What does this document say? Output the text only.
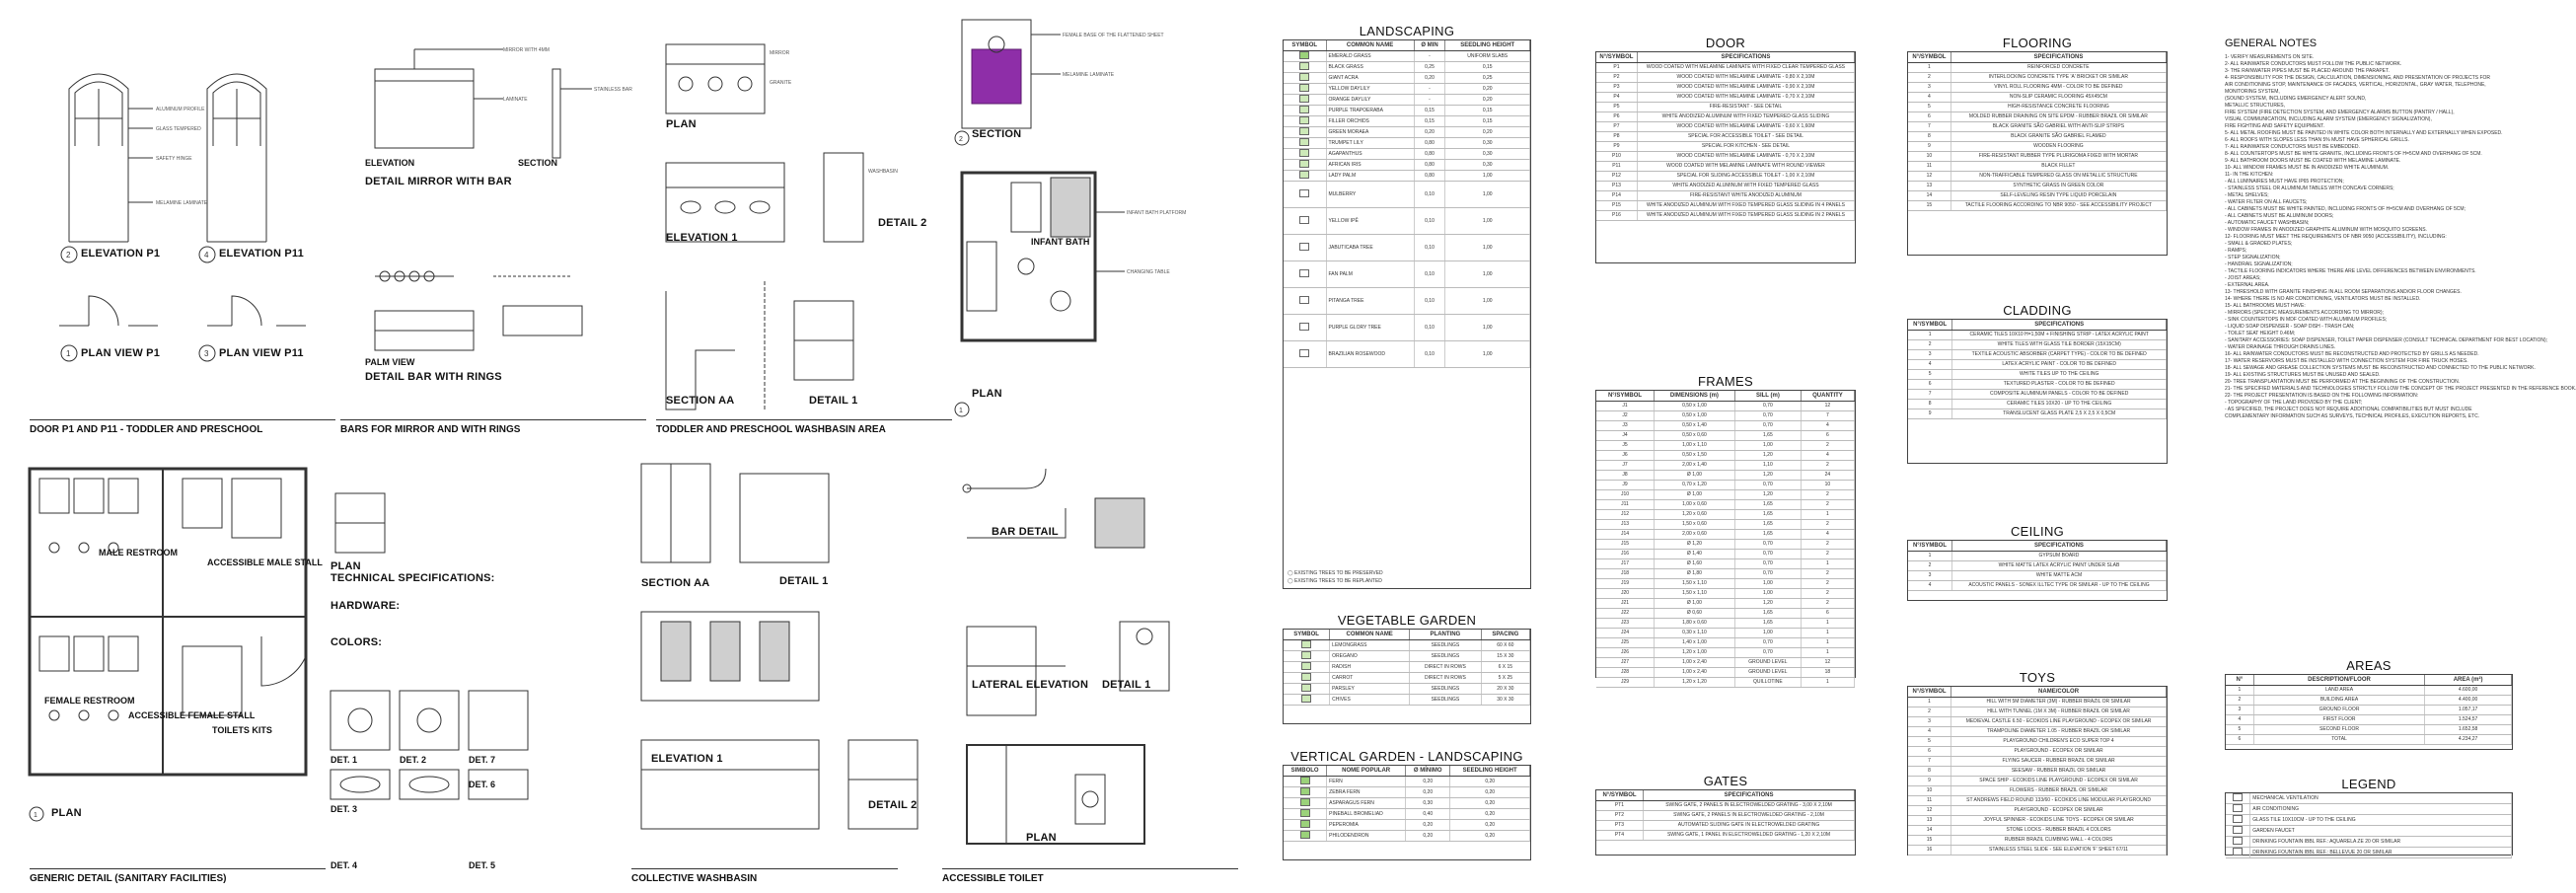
ALUMINUM PROFILE
GLASS TEMPERED
SAFETY HINGE
MELAMINE LAMINATE
2	4
1	3
ELEVATION P1	ELEVATION P11
PLAN VIEW P1	PLAN VIEW P11
DOOR P1 AND P11 - TODDLER AND PRESCHOOL
MIRROR WITH 4MM
LAMINATE
STAINLESS BAR
ELEVATION	SECTION
DETAIL MIRROR WITH BAR
PALM VIEW
DETAIL BAR WITH RINGS
BARS FOR MIRROR AND WITH RINGS
MIRROR
GRANITE
WASHBASIN
PLAN
ELEVATION 1
DETAIL 2
SECTION AA	DETAIL 1
TODDLER AND PRESCHOOL WASHBASIN AREA
2
1
FEMALE BASE OF THE FLATTENED SHEET
MELAMINE LAMINATE
INFANT BATH PLATFORM
CHANGING TABLE
SECTION
INFANT BATH
PLAN
1
MALE RESTROOM
ACCESSIBLE MALE STALL
FEMALE RESTROOM
ACCESSIBLE FEMALE STALL
TOILETS KITS
PLAN
PLAN
TECHNICAL SPECIFICATIONS:
HARDWARE:
COLORS:
DET. 1	DET. 2	DET. 7
DET. 3
DET. 6
DET. 4	DET. 5
GENERIC DETAIL (SANITARY FACILITIES)
SECTION AA	DETAIL 1
ELEVATION 1
DETAIL 2
COLLECTIVE WASHBASIN
BAR DETAIL
LATERAL ELEVATION DETAIL 1
PLAN
ACCESSIBLE TOILET
LANDSCAPING
SYMBOL	COMMON NAME	Ø MIN	SEEDLING HEIGHT
	EMERALD GRASS	-	UNIFORM SLABS
	BLACK GRASS	0,25	0,15
	GIANT ACRA	0,20	0,25
	YELLOW DAYLILY	-	0,20
	ORANGE DAYLILY	-	0,20
	PURPLE TRAPOERABA	0,15	0,15
	FILLER ORCHIDS	0,15	0,15
	GREEN MORAEA	0,20	0,20
	TRUMPET LILY	0,80	0,30
	AGAPANTHUS	0,80	0,30
	AFRICAN IRIS	0,80	0,30
	LADY PALM	0,80	1,00
	MULBERRY	0,10	1,00
	YELLOW IPÊ	0,10	1,00
	JABUTICABA TREE	0,10	1,00
	FAN PALM	0,10	1,00
	PITANGA TREE	0,10	1,00
	PURPLE GLORY TREE	0,10	1,00
	BRAZILIAN ROSEWOOD	0,10	1,00
◯ EXISTING TREES TO BE PRESERVED
◯ EXISTING TREES TO BE REPLANTED
VEGETABLE GARDEN
SYMBOL	COMMON NAME	PLANTING	SPACING
	LEMONGRASS	SEEDLINGS	60 X 60
	OREGANO	SEEDLINGS	15 X 30
	RADISH	DIRECT IN ROWS	6 X 15
	CARROT	DIRECT IN ROWS	5 X 25
	PARSLEY	SEEDLINGS	20 X 30
	CHIVES	SEEDLINGS	30 X 30
VERTICAL GARDEN - LANDSCAPING
SIMBOLO	NOME POPULAR	Ø MÍNIMO	SEEDLING HEIGHT
	FERN	0,20	0,20
	ZEBRA FERN	0,20	0,20
	ASPARAGUS FERN	0,30	0,20
	PINEBALL BROMELIAD	0,40	0,20
	PEPEROMIA	0,20	0,20
	PHILODENDRON	0,20	0,20
DOOR
N°/SYMBOL	SPECIFICATIONS
P1	WOOD COATED WITH MELAMINE LAMINATE WITH FIXED CLEAR TEMPERED GLASS
P2	WOOD COATED WITH MELAMINE LAMINATE - 0,80 X 2,10M
P3	WOOD COATED WITH MELAMINE LAMINATE - 0,90 X 2,10M
P4	WOOD COATED WITH MELAMINE LAMINATE - 0,70 X 2,10M
P5	FIRE-RESISTANT - SEE DETAIL
P6	WHITE ANODIZED ALUMINUM WITH FIXED TEMPERED GLASS SLIDING
P7	WOOD COATED WITH MELAMINE LAMINATE - 0,60 X 1,60M
P8	SPECIAL FOR ACCESSIBLE TOILET - SEE DETAIL
P9	SPECIAL FOR KITCHEN - SEE DETAIL
P10	WOOD COATED WITH MELAMINE LAMINATE - 0,70 X 2,10M
P11	WOOD COATED WITH MELAMINE LAMINATE WITH ROUND VIEWER
P12	SPECIAL FOR SLIDING ACCESSIBLE TOILET - 1,00 X 2,10M
P13	WHITE ANODIZED ALUMINUM WITH FIXED TEMPERED GLASS
P14	FIRE-RESISTANT WHITE ANODIZED ALUMINUM
P15	WHITE ANODIZED ALUMINUM WITH FIXED TEMPERED GLASS SLIDING IN 4 PANELS
P16	WHITE ANODIZED ALUMINUM WITH FIXED TEMPERED GLASS SLIDING IN 2 PANELS
FRAMES
N°/SYMBOL	DIMENSIONS (m)	SILL (m)	QUANTITY
J1	0,50 x 1,00	0,70	12
J2	0,50 x 1,00	0,70	7
J3	0,50 x 1,40	0,70	4
J4	0,50 x 0,60	1,65	6
J5	1,00 x 1,10	1,00	2
J6	0,50 x 1,50	1,20	4
J7	2,00 x 1,40	1,10	2
J8	Ø 1,00	1,20	24
J9	0,70 x 1,20	0,70	10
J10	Ø 1,00	1,20	2
J11	1,00 x 0,60	1,65	2
J12	1,20 x 0,60	1,65	1
J13	1,50 x 0,60	1,65	2
J14	2,00 x 0,60	1,65	4
J15	Ø 1,20	0,70	2
J16	Ø 1,40	0,70	2
J17	Ø 1,60	0,70	1
J18	Ø 1,80	0,70	2
J19	1,50 x 1,10	1,00	2
J20	1,50 x 1,10	1,00	2
J21	Ø 1,00	1,20	2
J22	Ø 0,60	1,65	6
J23	1,80 x 0,60	1,65	1
J24	0,30 x 1,10	1,00	1
J25	1,40 x 1,00	0,70	1
J26	1,20 x 1,00	0,70	1
J27	1,00 x 2,40	GROUND LEVEL	12
J28	1,00 x 2,40	GROUND LEVEL	18
J29	1,20 x 1,20	QUILLOTINE	1
GATES
N°/SYMBOL	SPECIFICATIONS
PT1	SWING GATE, 2 PANELS IN ELECTROWELDED GRATING - 3,00 X 2,10M
PT2	SWING GATE, 2 PANELS IN ELECTROWELDED GRATING - 2,10M
PT3	AUTOMATED SLIDING GATE IN ELECTROWELDED GRATING
PT4	SWING GATE, 1 PANEL IN ELECTROWELDED GRATING - 1,20 X 2,10M
FLOORING
N°/SYMBOL	SPECIFICATIONS
1	REINFORCED CONCRETE
2	INTERLOCKING CONCRETE TYPE 'A' BRICKET OR SIMILAR
3	VINYL ROLL FLOORING 4MM - COLOR TO BE DEFINED
4	NON-SLIP CERAMIC FLOORING 45X45CM
5	HIGH-RESISTANCE CONCRETE FLOORING
6	MOLDED RUBBER DRAINING ON SITE EPDM - RUBBER BRAZIL OR SIMILAR
7	BLACK GRANITE SÃO GABRIEL WITH ANTI-SLIP STRIPS
8	BLACK GRANITE SÃO GABRIEL FLAMED
9	WOODEN FLOORING
10	FIRE-RESISTANT RUBBER TYPE PLURIGOMA FIXED WITH MORTAR
11	BLACK FILLET
12	NON-TRAFFICABLE TEMPERED GLASS ON METALLIC STRUCTURE
13	SYNTHETIC GRASS IN GREEN COLOR
14	SELF-LEVELING RESIN TYPE LIQUID PORCELAIN
15	TACTILE FLOORING ACCORDING TO NBR 9050 - SEE ACCESSIBILITY PROJECT
CLADDING
N°/SYMBOL	SPECIFICATIONS
1	CERAMIC TILES 10X10 H=1,50M + FINISHING STRIP - LATEX ACRYLIC PAINT
2	WHITE TILES WITH GLASS TILE BORDER (15X15CM)
3	TEXTILE ACOUSTIC ABSORBER (CARPET TYPE) - COLOR TO BE DEFINED
4	LATEX ACRYLIC PAINT - COLOR TO BE DEFINED
5	WHITE TILES UP TO THE CEILING
6	TEXTURED PLASTER - COLOR TO BE DEFINED
7	COMPOSITE ALUMINUM PANELS - COLOR TO BE DEFINED
8	CERAMIC TILES 10X20 - UP TO THE CEILING
9	TRANSLUCENT GLASS PLATE 2,5 X 2,5 X 0,5CM
CEILING
N°/SYMBOL	SPECIFICATIONS
1	GYPSUM BOARD
2	WHITE MATTE LATEX ACRYLIC PAINT UNDER SLAB
3	WHITE MATTE ACM
4	ACOUSTIC PANELS - SONEX ILLTEC TYPE OR SIMILAR - UP TO THE CEILING
TOYS
N°/SYMBOL	NAME/COLOR
1	HILL WITH 5M DIAMETER (3M) - RUBBER BRAZIL OR SIMILAR
2	HILL WITH TUNNEL (1M X 3M) - RUBBER BRAZIL OR SIMILAR
3	MEDIEVAL CASTLE 6.50 - ECOKIDS LINE PLAYGROUND - ECOPEX OR SIMILAR
4	TRAMPOLINE DIAMETER 1.05 - RUBBER BRAZIL OR SIMILAR
5	PLAYGROUND CHILDREN'S ECO SUPER TOP 4
6	PLAYGROUND - ECOPEX OR SIMILAR
7	FLYING SAUCER - RUBBER BRAZIL OR SIMILAR
8	SEESAW - RUBBER BRAZIL OR SIMILAR
9	SPACE SHIP - ECOKIDS LINE PLAYGROUND - ECOPEX OR SIMILAR
10	FLOWERS - RUBBER BRAZIL OR SIMILAR
11	ST ANDREWS FIELD ROUND 133/60 - ECOKIDS LINE MODULAR PLAYGROUND
12	PLAYGROUND - ECOPEX OR SIMILAR
13	JOYFUL SPINNER - ECOKIDS LINE TOYS - ECOPEX OR SIMILAR
14	STONE LOCKS - RUBBER BRAZIL 4 COLORS
15	RUBBER BRAZIL CLIMBING WALL - 4 COLORS
16	STAINLESS STEEL SLIDE - SEE ELEVATION 'F' SHEET 67/11
GENERAL NOTES
1- VERIFY MEASUREMENTS ON SITE.
2- ALL RAINWATER CONDUCTORS MUST FOLLOW THE PUBLIC NETWORK.
3- THE RAINWATER PIPES MUST BE PLACED AROUND THE PARAPET.
4- RESPONSIBILITY FOR THE DESIGN, CALCULATION, DIMENSIONING, AND PRESENTATION OF PROJECTS FOR
AIR CONDITIONING STOP, MAINTENANCE OF FACADES, VERTICAL, HORIZONTAL, GRAY WATER, TELEPHONE,
MONITORING SYSTEM,
(SOUND SYSTEM, INCLUDING EMERGENCY ALERT SOUND,
METALLIC STRUCTURES,
FIRE SYSTEM (FIRE DETECTION SYSTEM, AND EMERGENCY ALARMS BUTTON (PANTRY / HALL),
VISUAL COMMUNICATION, INCLUDING ALARM SYSTEM (EMERGENCY SIGNALIZATION),
FIRE FIGHTING AND SAFETY EQUIPMENT.
5- ALL METAL ROOFING MUST BE PAINTED IN WHITE COLOR BOTH INTERNALLY AND EXTERNALLY WHEN EXPOSED.
6- ALL ROOFS WITH SLOPES LESS THAN 5% MUST HAVE SPHERICAL GRILLS.
7- ALL RAINWATER CONDUCTORS MUST BE EMBEDDED.
8- ALL COUNTERTOPS MUST BE WHITE GRANITE, INCLUDING FRONTS OF H=5CM AND OVERHANG OF 5CM.
9- ALL BATHROOM DOORS MUST BE COATED WITH MELAMINE LAMINATE.
10- ALL WINDOW FRAMES MUST BE IN ANODIZED WHITE ALUMINUM.
11- IN THE KITCHEN:
- ALL LUMINAIRES MUST HAVE IP65 PROTECTION;
- STAINLESS STEEL OR ALUMINUM TABLES WITH CONCAVE CORNERS;
- METAL SHELVES;
- WATER FILTER ON ALL FAUCETS;
- ALL CABINETS MUST BE WHITE PAINTED, INCLUDING FRONTS OF H=5CM AND OVERHANG OF 5CM;
- ALL CABINETS MUST BE ALUMINUM DOORS;
- AUTOMATIC FAUCET WASHBASIN;
- WINDOW FRAMES IN ANODIZED GRAPHITE ALUMINUM WITH MOSQUITO SCREENS.
12- FLOORING MUST MEET THE REQUIREMENTS OF NBR 9050 (ACCESSIBILITY), INCLUDING:
- SMALL & GRADED PLATES;
- RAMPS;
- STEP SIGNALIZATION;
- HANDRAIL SIGNALIZATION;
- TACTILE FLOORING INDICATORS WHERE THERE ARE LEVEL DIFFERENCES BETWEEN ENVIRONMENTS.
- JOIST AREAS;
- EXTERNAL AREA.
13- THRESHOLD WITH GRANITE FINISHING IN ALL ROOM SEPARATIONS AND/OR FLOOR CHANGES.
14- WHERE THERE IS NO AIR CONDITIONING, VENTILATORS MUST BE INSTALLED.
15- ALL BATHROOMS MUST HAVE:
- MIRRORS (SPECIFIC MEASUREMENTS ACCORDING TO MIRROR);
- SINK COUNTERTOPS IN MDF COATED WITH ALUMINUM PROFILES;
- LIQUID SOAP DISPENSER - SOAP DISH - TRASH CAN;
- TOILET SEAT HEIGHT 0.46M;
- SANITARY ACCESSORIES: SOAP DISPENSER, TOILET PAPER DISPENSER (CONSULT TECHNICAL DEPARTMENT FOR BEST LOCATION);
- WATER DRAINAGE THROUGH DRAINS LINES.
16- ALL RAINWATER CONDUCTORS MUST BE RECONSTRUCTED AND PROTECTED BY GRILLS AS NEEDED.
17- WATER RESERVOIRS MUST BE INSTALLED WITH CONNECTION SYSTEM FOR FIRE TRUCK HOSES.
18- ALL SEWAGE AND GREASE COLLECTION SYSTEMS MUST BE RECONSTRUCTED AND CONNECTED TO THE PUBLIC NETWORK.
19- ALL EXISTING STRUCTURES MUST BE UNUSED AND SEALED.
20- TREE TRANSPLANTATION MUST BE PERFORMED AT THE BEGINNING OF THE CONSTRUCTION.
21- THE SPECIFIED MATERIALS AND TECHNOLOGIES STRICTLY FOLLOW THE CONCEPT OF THE PROJECT PRESENTED IN THE REFERENCE BOOK.
22- THE PROJECT PRESENTATION IS BASED ON THE FOLLOWING INFORMATION:
- TOPOGRAPHY OF THE LAND PROVIDED BY THE CLIENT;
- AS SPECIFIED, THE PROJECT DOES NOT REQUIRE ADDITIONAL COMPATIBILITIES BUT MUST INCLUDE
COMPLEMENTARY INFORMATION SUCH AS SURVEYS, TECHNICAL PROFILES, EXECUTION REPORTS, ETC.
AREAS
N°	DESCRIPTION/FLOOR	AREA (m²)
1	LAND AREA	4.600,00
2	BUILDING AREA	4.400,00
3	GROUND FLOOR	1.057,17
4	FIRST FLOOR	1.524,57
5	SECOND FLOOR	1.652,58
6	TOTAL	4.234,27
LEGEND
	MECHANICAL VENTILATION
	AIR CONDITIONING
	GLASS TILE 10X10CM - UP TO THE CEILING
	GARDEN FAUCET
	DRINKING FOUNTAIN IBBL REF.: AQUARELA ZE 20 OR SIMILAR
	DRINKING FOUNTAIN IBBL REF.: BELLEVUE 20 OR SIMILAR
